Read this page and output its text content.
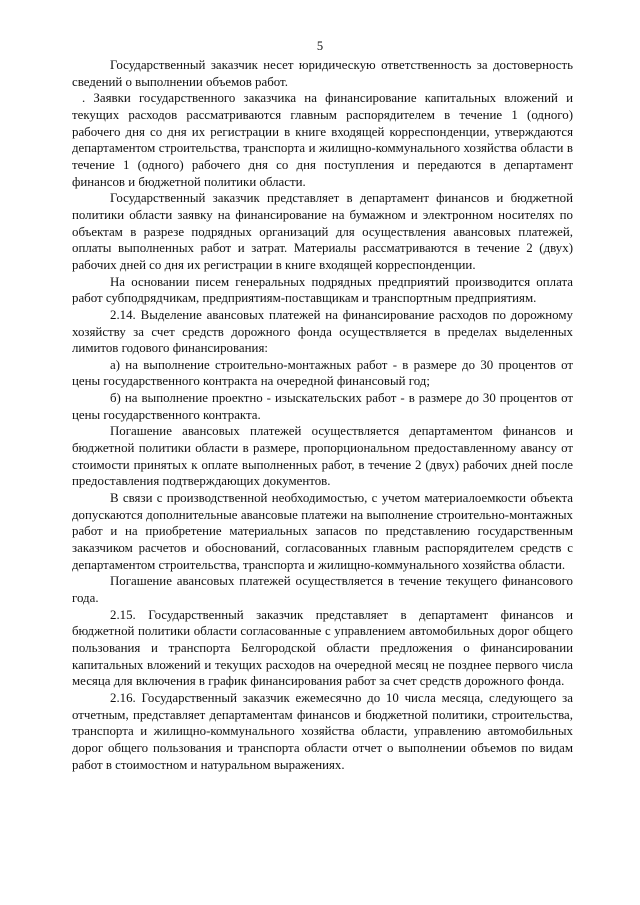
5

Государственный заказчик несет юридическую ответственность за достоверность сведений о выполнении объемов работ.

. Заявки государственного заказчика на финансирование капитальных вложений и текущих расходов рассматриваются главным распорядителем в течение 1 (одного) рабочего дня со дня их регистрации в книге входящей корреспонденции, утверждаются департаментом строительства, транспорта и жилищно-коммунального хозяйства области в течение 1 (одного) рабочего дня со дня поступления и передаются в департамент финансов и бюджетной политики области.

Государственный заказчик представляет в департамент финансов и бюджетной политики области заявку на финансирование на бумажном и электронном носителях по объектам в разрезе подрядных организаций для осуществления авансовых платежей, оплаты выполненных работ и затрат. Материалы рассматриваются в течение 2 (двух) рабочих дней со дня их регистрации в книге входящей корреспонденции.

На основании писем генеральных подрядных предприятий производится оплата работ субподрядчикам, предприятиям-поставщикам и транспортным предприятиям.

2.14. Выделение авансовых платежей на финансирование расходов по дорожному хозяйству за счет средств дорожного фонда осуществляется в пределах выделенных лимитов годового финансирования:

а) на выполнение строительно-монтажных работ - в размере до 30 процентов от цены государственного контракта на очередной финансовый год;

б) на выполнение проектно - изыскательских работ - в размере до 30 процентов от цены государственного контракта.

Погашение авансовых платежей осуществляется департаментом финансов и бюджетной политики области в размере, пропорциональном предоставленному авансу от стоимости принятых к оплате выполненных работ, в течение 2 (двух) рабочих дней после предоставления подтверждающих документов.

В связи с производственной необходимостью, с учетом материалоемкости объекта допускаются дополнительные авансовые платежи на выполнение строительно-монтажных работ и на приобретение материальных запасов по представлению государственным заказчиком расчетов и обоснований, согласованных главным распорядителем средств с департаментом строительства, транспорта и жилищно-коммунального хозяйства области.

Погашение авансовых платежей осуществляется в течение текущего финансового года.

2.15. Государственный заказчик представляет в департамент финансов и бюджетной политики области согласованные с управлением автомобильных дорог общего пользования и транспорта Белгородской области предложения о финансировании капитальных вложений и текущих расходов на очередной месяц не позднее первого числа месяца для включения в график финансирования работ за счет средств дорожного фонда.

2.16. Государственный заказчик ежемесячно до 10 числа месяца, следующего за отчетным, представляет департаментам финансов и бюджетной политики, строительства, транспорта и жилищно-коммунального хозяйства области, управлению автомобильных дорог общего пользования и транспорта области отчет о выполнении объемов по видам работ в стоимостном и натуральном выражениях.
